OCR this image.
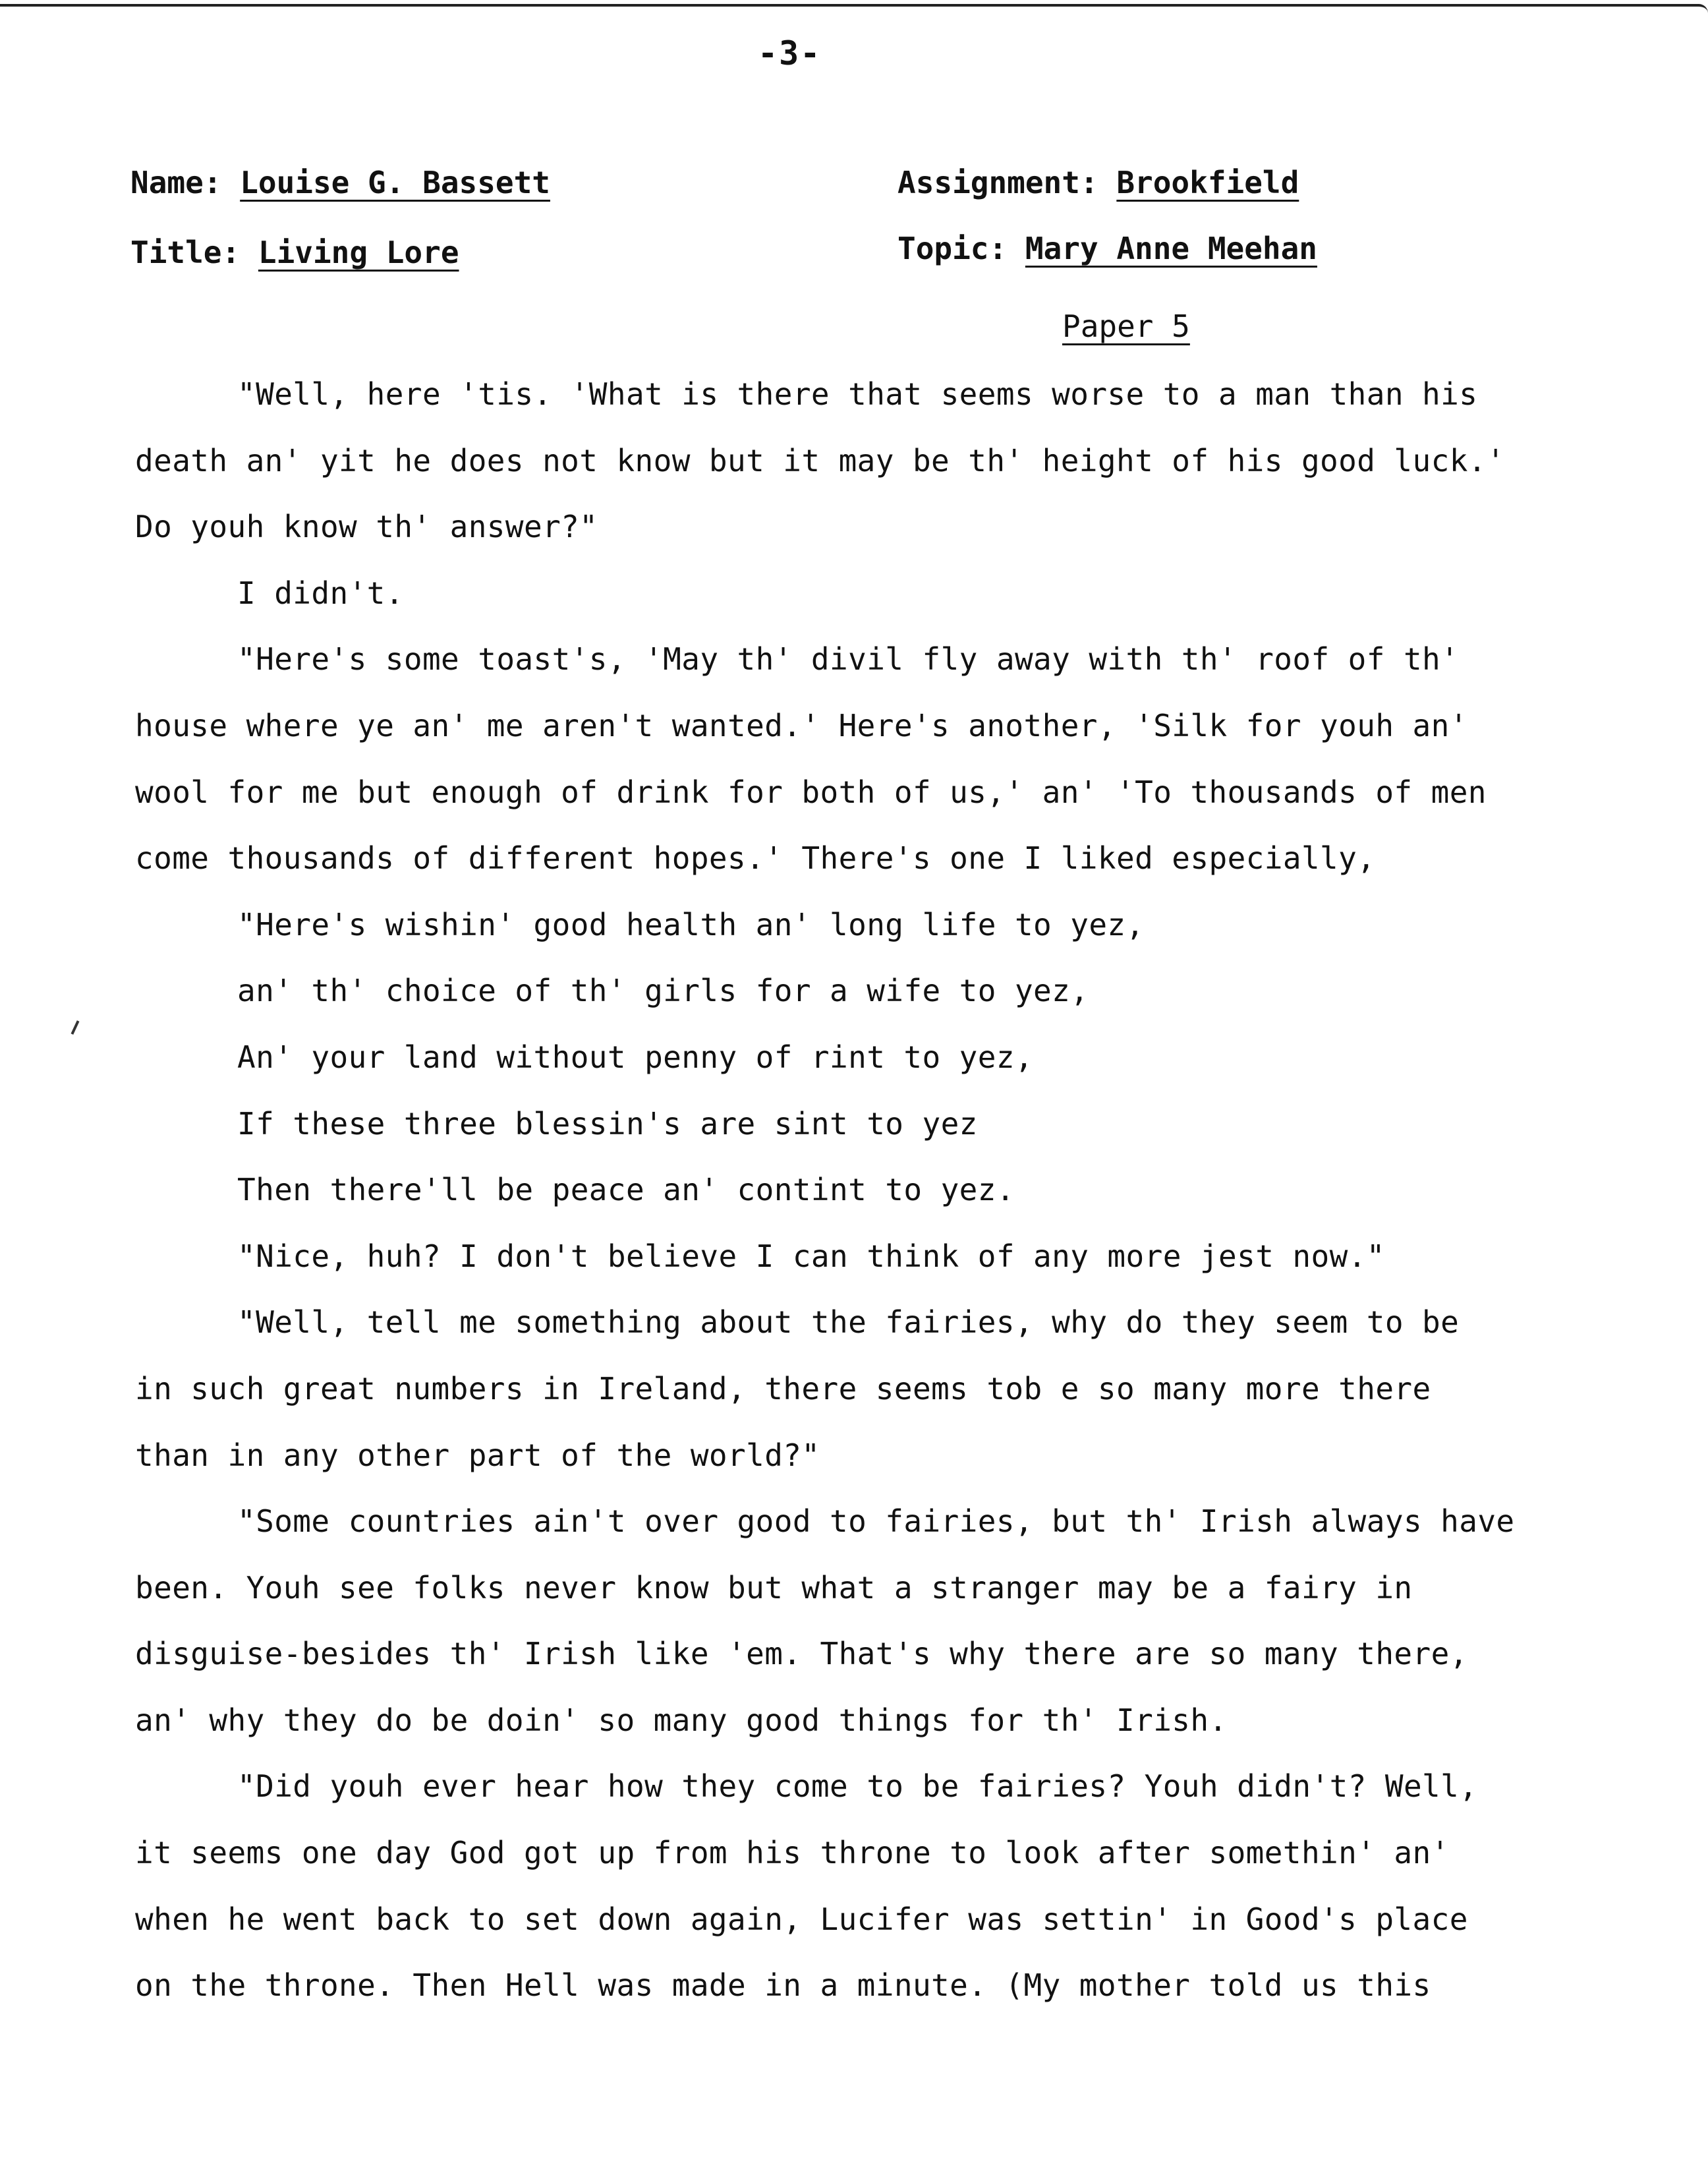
-3-
Name: Louise G. Bassett	Assignment: Brookfield
Title: Living Lore	Topic: Mary Anne Meehan
Paper 5
"Well, here 'tis. 'What is there that seems worse to a man than his
death an' yit he does not know but it may be th' height of his good luck.'
Do youh know th' answer?"
I didn't.
"Here's some toast's, 'May th' divil fly away with th' roof of th'
house where ye an' me aren't wanted.' Here's another, 'Silk for youh an'
wool for me but enough of drink for both of us,' an' 'To thousands of men
come thousands of different hopes.' There's one I liked especially,
"Here's wishin' good health an' long life to yez,
an' th' choice of th' girls for a wife to yez,
An' your land without penny of rint to yez,
If these three blessin's are sint to yez
Then there'll be peace an' contint to yez.
"Nice, huh? I don't believe I can think of any more jest now."
"Well, tell me something about the fairies, why do they seem to be
in such great numbers in Ireland, there seems tob e so many more there
than in any other part of the world?"
"Some countries ain't over good to fairies, but th' Irish always have
been. Youh see folks never know but what a stranger may be a fairy in
disguise-besides th' Irish like 'em. That's why there are so many there,
an' why they do be doin' so many good things for th' Irish.
"Did youh ever hear how they come to be fairies? Youh didn't? Well,
it seems one day God got up from his throne to look after somethin' an'
when he went back to set down again, Lucifer was settin' in Good's place
on the throne. Then Hell was made in a minute. (My mother told us this
